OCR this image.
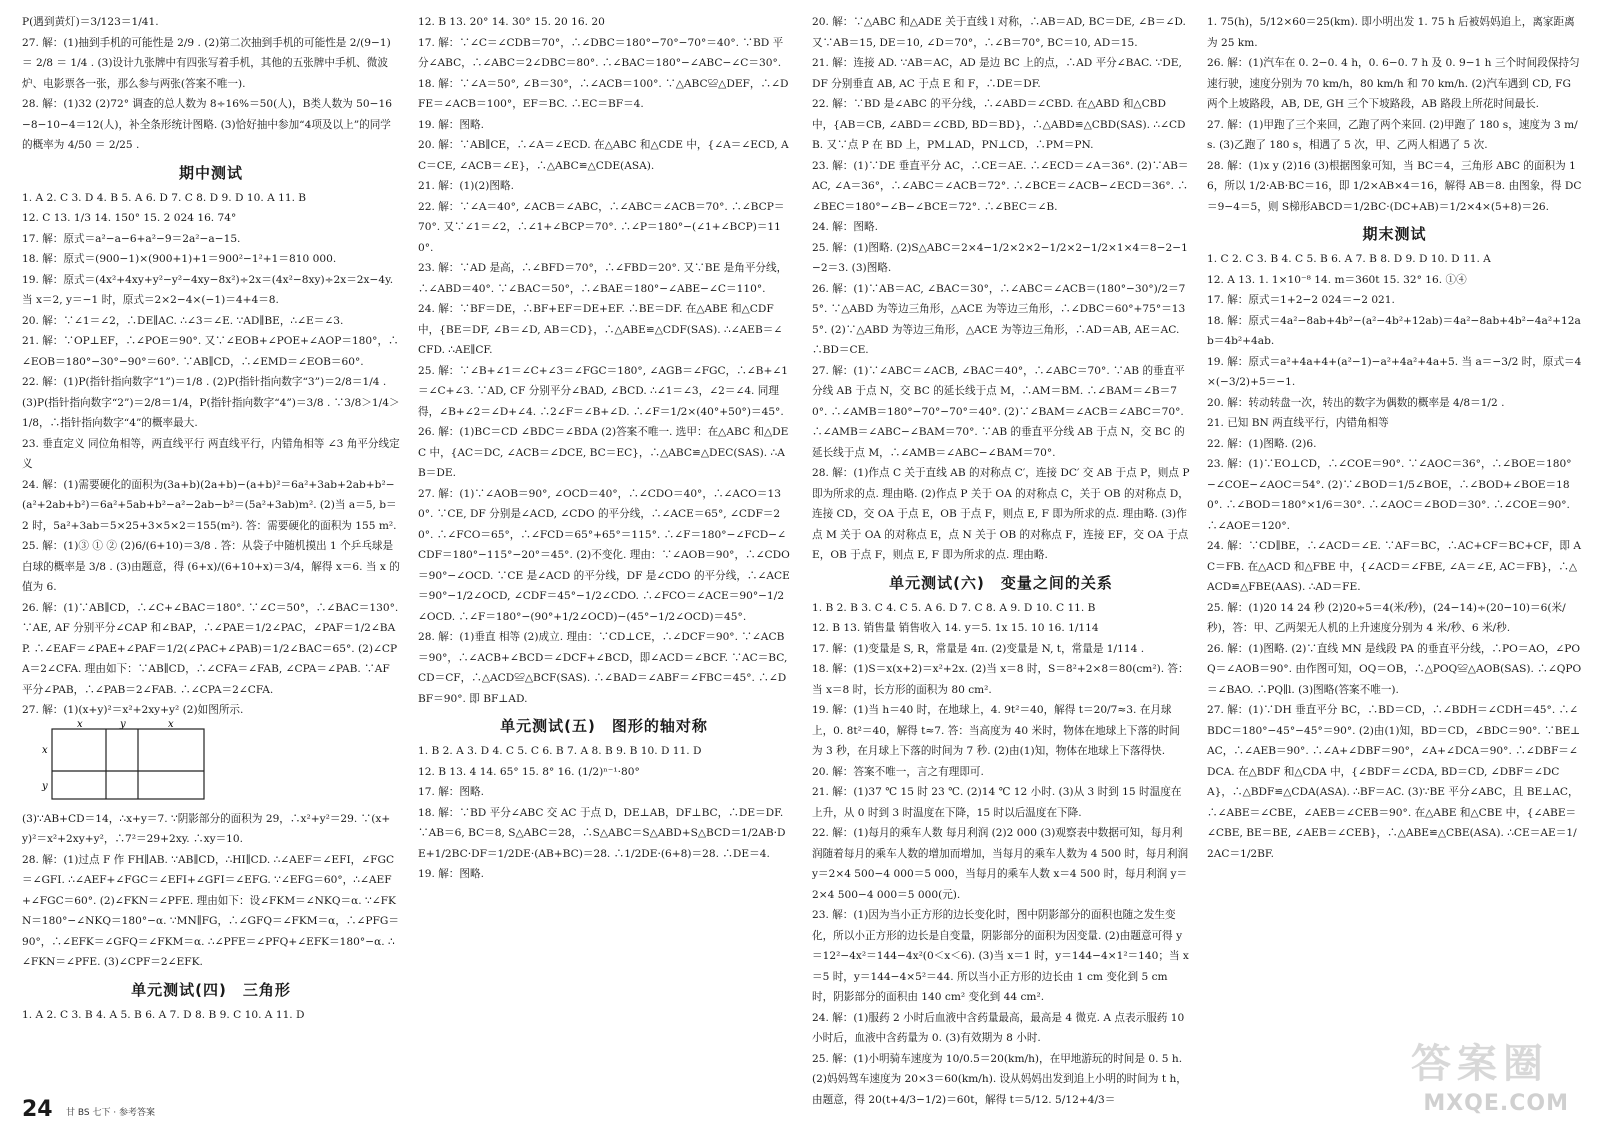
P(遇到黄灯)＝3/123＝1/41.

27. 解：(1)抽到手机的可能性是 2/9 . (2)第二次抽到手机的可能性是 2/(9−1) ＝ 2/8 ＝ 1/4 . (3)设计九张牌中有四张写着手机，其他的五张牌中手机、微波炉、电影票各一张，那么参与两张(答案不唯一).

28. 解：(1)32 (2)72° 调查的总人数为 8÷16%＝50(人)，B类人数为 50−16−8−10−4＝12(人)，补全条形统计图略. (3)恰好抽中参加“4项及以上”的同学的概率为 4/50 ＝ 2/25 .

期中测试

1. A 2. C 3. D 4. B 5. A 6. D 7. C 8. D 9. D 10. A 11. B

12. C 13. 1/3 14. 150° 15. 2 024 16. 74°

17. 解：原式＝a²−a−6+a²−9＝2a²−a−15.

18. 解：原式＝(900−1)×(900+1)+1＝900²−1²+1＝810 000.

19. 解：原式＝(4x²+4xy+y²−y²−4xy−8x²)÷2x＝(4x²−8xy)÷2x＝2x−4y. 当 x＝2, y＝−1 时，原式＝2×2−4×(−1)＝4+4＝8.

20. 解：∵∠1＝∠2，∴DE∥AC. ∴∠3＝∠E. ∵AD∥BE，∴∠E＝∠3.

21. 解：∵OP⊥EF，∴∠POE＝90°. 又∵∠EOB+∠POE+∠AOP＝180°，∴∠EOB＝180°−30°−90°＝60°. ∵AB∥CD，∴∠EMD＝∠EOB＝60°.

22. 解：(1)P(指针指向数字“1”)＝1/8 . (2)P(指针指向数字“3”)＝2/8＝1/4 . (3)P(指针指向数字“2”)＝2/8＝1/4，P(指针指向数字“4”)＝3/8 . ∵3/8＞1/4＞1/8，∴指针指向数字“4”的概率最大.

23. 垂直定义 同位角相等，两直线平行 两直线平行，内错角相等 ∠3 角平分线定义

24. 解：(1)需要硬化的面积为(3a+b)(2a+b)−(a+b)²＝6a²+3ab+2ab+b²−(a²+2ab+b²)＝6a²+5ab+b²−a²−2ab−b²＝(5a²+3ab)m². (2)当 a＝5, b＝2 时，5a²+3ab＝5×25+3×5×2＝155(m²). 答：需要硬化的面积为 155 m².

25. 解：(1)③ ① ② (2)6/(6+10)＝3/8 . 答：从袋子中随机摸出 1 个乒乓球是白球的概率是 3/8 . (3)由题意，得 (6+x)/(6+10+x)＝3/4，解得 x＝6. 当 x 的值为 6.

26. 解：(1)∵AB∥CD，∴∠C+∠BAC＝180°. ∵∠C＝50°，∴∠BAC＝130°. ∵AE, AF 分别平分∠CAP 和∠BAP，∴∠PAE＝1/2∠PAC，∠PAF＝1/2∠BAP. ∴∠EAF＝∠PAE+∠PAF＝1/2(∠PAC+∠PAB)＝1/2∠BAC＝65°. (2)∠CPA＝2∠CFA. 理由如下：∵AB∥CD，∴∠CFA＝∠FAB, ∠CPA＝∠PAB. ∵AF 平分∠PAB，∴∠PAB＝2∠FAB. ∴∠CPA＝2∠CFA.

27. 解：(1)(x+y)²＝x²+2xy+y² (2)如图所示.

x	y	x
x
y

(3)∵AB+CD＝14，∴x+y＝7. ∵阴影部分的面积为 29，∴x²+y²＝29. ∵(x+y)²＝x²+2xy+y²，∴7²＝29+2xy. ∴xy＝10.

28. 解：(1)过点 F 作 FH∥AB. ∵AB∥CD，∴HI∥CD. ∴∠AEF＝∠EFI，∠FGC＝∠GFI. ∴∠AEF+∠FGC＝∠EFI+∠GFI＝∠EFG. ∵∠EFG＝60°，∴∠AEF+∠FGC＝60°. (2)∠FKN＝∠PFE. 理由如下：设∠FKM＝∠NKQ＝α. ∵∠FKN＝180°−∠NKQ＝180°−α. ∵MN∥FG，∴∠GFQ＝∠FKM＝α，∴∠PFG＝90°，∴∠EFK＝∠GFQ＝∠FKM＝α. ∴∠PFE＝∠PFQ+∠EFK＝180°−α. ∴∠FKN＝∠PFE. (3)∠CPF＝2∠EFK.

单元测试(四)　三角形

1. A 2. C 3. B 4. A 5. B 6. A 7. D 8. B 9. C 10. A 11. D

12. B 13. 20° 14. 30° 15. 20 16. 20

17. 解：∵∠C＝∠CDB＝70°，∴∠DBC＝180°−70°−70°＝40°. ∵BD 平分∠ABC，∴∠ABC＝2∠DBC＝80°. ∴∠BAC＝180°−∠ABC−∠C＝30°.

18. 解：∵∠A＝50°, ∠B＝30°，∴∠ACB＝100°. ∵△ABC≌△DEF，∴∠DFE＝∠ACB＝100°，EF＝BC. ∴EC＝BF＝4.

19. 解：图略.

20. 解：∵AB∥CE，∴∠A＝∠ECD. 在△ABC 和△CDE 中，{∠A＝∠ECD, AC＝CE, ∠ACB＝∠E}，∴△ABC≌△CDE(ASA).

21. 解：(1)(2)图略.

22. 解：∵∠A＝40°, ∠ACB＝∠ABC，∴∠ABC＝∠ACB＝70°. ∴∠BCP＝70°. 又∵∠1＝∠2，∴∠1+∠BCP＝70°. ∴∠P＝180°−(∠1+∠BCP)＝110°.

23. 解：∵AD 是高，∴∠BFD＝70°，∴∠FBD＝20°. 又∵BE 是角平分线，∴∠ABD＝40°. ∵∠BAC＝50°，∴∠BAE＝180°−∠ABE−∠C＝110°.

24. 解：∵BF＝DE，∴BF+EF＝DE+EF. ∴BE＝DF. 在△ABE 和△CDF 中，{BE＝DF, ∠B＝∠D, AB＝CD}，∴△ABE≌△CDF(SAS). ∴∠AEB＝∠CFD. ∴AE∥CF.

25. 解：∵∠B+∠1＝∠C+∠3＝∠FGC＝180°, ∠AGB＝∠FGC，∴∠B+∠1＝∠C+∠3. ∵AD, CF 分别平分∠BAD, ∠BCD. ∴∠1＝∠3，∠2＝∠4. 同理得，∠B+∠2＝∠D+∠4. ∴2∠F＝∠B+∠D. ∴∠F＝1/2×(40°+50°)＝45°.

26. 解：(1)BC＝CD ∠BDC＝∠BDA (2)答案不唯一. 选甲：在△ABC 和△DEC 中，{AC＝DC, ∠ACB＝∠DCE, BC＝EC}，∴△ABC≌△DEC(SAS). ∴AB＝DE.

27. 解：(1)∵∠AOB＝90°, ∠OCD＝40°，∴∠CDO＝40°，∴∠ACO＝130°. ∵CE, DF 分别是∠ACD, ∠CDO 的平分线，∴∠ACE＝65°, ∠CDF＝20°. ∴∠FCO＝65°，∴∠FCD＝65°+65°＝115°. ∴∠F＝180°−∠FCD−∠CDF＝180°−115°−20°＝45°. (2)不变化. 理由：∵∠AOB＝90°，∴∠CDO＝90°−∠OCD. ∵CE 是∠ACD 的平分线，DF 是∠CDO 的平分线，∴∠ACE＝90°−1/2∠OCD, ∠CDF＝45°−1/2∠CDO. ∴∠FCO＝∠ACE＝90°−1/2∠OCD. ∴∠F＝180°−(90°+1/2∠OCD)−(45°−1/2∠OCD)＝45°.

28. 解：(1)垂直 相等 (2)成立. 理由：∵CD⊥CE，∴∠DCF＝90°. ∵∠ACB＝90°，∴∠ACB+∠BCD＝∠DCF+∠BCD，即∠ACD＝∠BCF. ∵AC＝BC, CD＝CF，∴△ACD≌△BCF(SAS). ∴∠BAD＝∠ABF＝∠FBC＝45°. ∴∠DBF＝90°. 即 BF⊥AD.

单元测试(五)　图形的轴对称

1. B 2. A 3. D 4. C 5. C 6. B 7. A 8. B 9. B 10. D 11. D

12. B 13. 4 14. 65° 15. 8° 16. (1/2)ⁿ⁻¹·80°

17. 解：图略.

18. 解：∵BD 平分∠ABC 交 AC 于点 D，DE⊥AB，DF⊥BC，∴DE＝DF. ∵AB＝6, BC＝8, S△ABC＝28，∴S△ABC＝S△ABD+S△BCD＝1/2AB·DE+1/2BC·DF＝1/2DE·(AB+BC)＝28. ∴1/2DE·(6+8)＝28. ∴DE＝4.

19. 解：图略.

20. 解：∵△ABC 和△ADE 关于直线 l 对称，∴AB＝AD, BC＝DE, ∠B＝∠D. 又∵AB＝15, DE＝10, ∠D＝70°，∴∠B＝70°, BC＝10, AD＝15.

21. 解：连接 AD. ∵AB＝AC，AD 是边 BC 上的点，∴AD 平分∠BAC. ∵DE, DF 分别垂直 AB, AC 于点 E 和 F，∴DE＝DF.

22. 解：∵BD 是∠ABC 的平分线，∴∠ABD＝∠CBD. 在△ABD 和△CBD 中，{AB＝CB, ∠ABD＝∠CBD, BD＝BD}，∴△ABD≌△CBD(SAS). ∴∠CDB. 又∵点 P 在 BD 上，PM⊥AD，PN⊥CD，∴PM＝PN.

23. 解：(1)∵DE 垂直平分 AC，∴CE＝AE. ∴∠ECD＝∠A＝36°. (2)∵AB＝AC, ∠A＝36°，∴∠ABC＝∠ACB＝72°. ∴∠BCE＝∠ACB−∠ECD＝36°. ∴∠BEC＝180°−∠B−∠BCE＝72°. ∴∠BEC＝∠B.

24. 解：图略.

25. 解：(1)图略. (2)S△ABC＝2×4−1/2×2×2−1/2×2−1/2×1×4＝8−2−1−2＝3. (3)图略.

26. 解：(1)∵AB＝AC, ∠BAC＝30°，∴∠ABC＝∠ACB＝(180°−30°)/2＝75°. ∵△ABD 为等边三角形，△ACE 为等边三角形，∴∠DBC＝60°+75°＝135°. (2)∵△ABD 为等边三角形，△ACE 为等边三角形，∴AD＝AB, AE＝AC. ∴BD＝CE.

27. 解：(1)∵∠ABC＝∠ACB, ∠BAC＝40°，∴∠ABC＝70°. ∵AB 的垂直平分线 AB 于点 N，交 BC 的延长线于点 M，∴AM＝BM. ∴∠BAM＝∠B＝70°. ∴∠AMB＝180°−70°−70°＝40°. (2)∵∠BAM＝∠ACB＝∠ABC＝70°. ∴∠AMB＝∠ABC−∠BAM＝70°. ∵AB 的垂直平分线 AB 于点 N，交 BC 的延长线于点 M，∴∠AMB＝∠ABC−∠BAM＝70°.

28. 解：(1)作点 C 关于直线 AB 的对称点 C′，连接 DC′ 交 AB 于点 P，则点 P 即为所求的点. 理由略. (2)作点 P 关于 OA 的对称点 C，关于 OB 的对称点 D，连接 CD，交 OA 于点 E，OB 于点 F，则点 E, F 即为所求的点. 理由略. (3)作点 M 关于 OA 的对称点 E，点 N 关于 OB 的对称点 F，连接 EF，交 OA 于点 E，OB 于点 F，则点 E, F 即为所求的点. 理由略.

单元测试(六)　变量之间的关系

1. B 2. B 3. C 4. C 5. A 6. D 7. C 8. A 9. D 10. C 11. B

12. B 13. 销售量 销售收入 14. y＝5. 1x 15. 10 16. 1/114

17. 解：(1)变量是 S, R，常量是 4π. (2)变量是 N, t，常量是 1/114 .

18. 解：(1)S＝x(x+2)＝x²+2x. (2)当 x＝8 时，S＝8²+2×8＝80(cm²). 答：当 x＝8 时，长方形的面积为 80 cm².

19. 解：(1)当 h＝40 时，在地球上，4. 9t²＝40，解得 t＝20/7≈3. 在月球上，0. 8t²＝40，解得 t≈7. 答：当高度为 40 米时，物体在地球上下落的时间为 3 秒，在月球上下落的时间为 7 秒. (2)由(1)知，物体在地球上下落得快.

20. 解：答案不唯一，言之有理即可.

21. 解：(1)37 ℃ 15 时 23 ℃. (2)14 ℃ 12 小时. (3)从 3 时到 15 时温度在上升，从 0 时到 3 时温度在下降，15 时以后温度在下降.

22. 解：(1)每月的乘车人数 每月利润 (2)2 000 (3)观察表中数据可知，每月利润随着每月的乘车人数的增加而增加，当每月的乘车人数为 4 500 时，每月利润 y＝2×4 500−4 000＝5 000，当每月的乘车人数 x＝4 500 时，每月利润 y＝2×4 500−4 000＝5 000(元).

23. 解：(1)因为当小正方形的边长变化时，图中阴影部分的面积也随之发生变化，所以小正方形的边长是自变量，阴影部分的面积为因变量. (2)由题意可得 y＝12²−4x²＝144−4x²(0＜x＜6). (3)当 x＝1 时，y＝144−4×1²＝140；当 x＝5 时，y＝144−4×5²＝44. 所以当小正方形的边长由 1 cm 变化到 5 cm 时，阴影部分的面积由 140 cm² 变化到 44 cm².

24. 解：(1)服药 2 小时后血液中含药量最高，最高是 4 微克. A 点表示服药 10 小时后，血液中含药量为 0. (3)有效期为 8 小时.

25. 解：(1)小明骑车速度为 10/0.5＝20(km/h)，在甲地游玩的时间是 0. 5 h. (2)妈妈驾车速度为 20×3＝60(km/h). 设从妈妈出发到追上小明的时间为 t h，由题意，得 20(t+4/3−1/2)＝60t，解得 t＝5/12. 5/12+4/3＝

1. 75(h)，5/12×60＝25(km). 即小明出发 1. 75 h 后被妈妈追上，离家距离为 25 km.

26. 解：(1)汽车在 0. 2−0. 4 h，0. 6−0. 7 h 及 0. 9−1 h 三个时间段保持匀速行驶，速度分别为 70 km/h，80 km/h 和 70 km/h. (2)汽车遇到 CD, FG 两个上坡路段，AB, DE, GH 三个下坡路段，AB 路段上所花时间最长.

27. 解：(1)甲跑了三个来回，乙跑了两个来回. (2)甲跑了 180 s，速度为 3 m/s. (3)乙跑了 180 s，相遇了 5 次，甲、乙两人相遇了 5 次.

28. 解：(1)x y (2)16 (3)根据图象可知，当 BC＝4，三角形 ABC 的面积为 16，所以 1/2·AB·BC＝16，即 1/2×AB×4＝16，解得 AB＝8. 由图象，得 DC＝9−4＝5，则 S梯形ABCD＝1/2BC·(DC+AB)＝1/2×4×(5+8)＝26.

期末测试

1. C 2. C 3. B 4. C 5. B 6. A 7. B 8. D 9. D 10. D 11. A

12. A 13. 1. 1×10⁻⁸ 14. m＝360t 15. 32° 16. ①④

17. 解：原式＝1+2−2 024＝−2 021.

18. 解：原式＝4a²−8ab+4b²−(a²−4b²+12ab)＝4a²−8ab+4b²−4a²+12ab＝4b²+4ab.

19. 解：原式＝a²+4a+4+(a²−1)−a²+4a²+4a+5. 当 a＝−3/2 时，原式＝4×(−3/2)+5＝−1.

20. 解：转动转盘一次，转出的数字为偶数的概率是 4/8＝1/2 .

21. 已知 BN 两直线平行，内错角相等

22. 解：(1)图略. (2)6.

23. 解：(1)∵EO⊥CD，∴∠COE＝90°. ∵∠AOC＝36°，∴∠BOE＝180°−∠COE−∠AOC＝54°. (2)∵∠BOD＝1/5∠BOE，∴∠BOD+∠BOE＝180°. ∴∠BOD＝180°×1/6＝30°. ∴∠AOC＝∠BOD＝30°. ∴∠COE＝90°. ∴∠AOE＝120°.

24. 解：∵CD∥BE，∴∠ACD＝∠E. ∵AF＝BC，∴AC+CF＝BC+CF，即 AC＝FB. 在△ACD 和△FBE 中，{∠ACD＝∠FBE, ∠A＝∠E, AC＝FB}，∴△ACD≌△FBE(AAS). ∴AD＝FE.

25. 解：(1)20 14 24 秒 (2)20÷5＝4(米/秒)，(24−14)÷(20−10)＝6(米/秒)，答：甲、乙两架无人机的上升速度分别为 4 米/秒、6 米/秒.

26. 解：(1)图略. (2)∵直线 MN 是线段 PA 的垂直平分线，∴PO＝AO，∠POQ＝∠AOB＝90°. 由作图可知，OQ＝OB，∴△POQ≌△AOB(SAS). ∴∠QPO＝∠BAO. ∴PQ∥l. (3)图略(答案不唯一).

27. 解：(1)∵DH 垂直平分 BC，∴BD＝CD，∴∠BDH＝∠CDH＝45°. ∴∠BDC＝180°−45°−45°＝90°. (2)由(1)知，BD＝CD，∠BDC＝90°. ∵BE⊥AC，∴∠AEB＝90°. ∴∠A+∠DBF＝90°，∠A+∠DCA＝90°. ∴∠DBF＝∠DCA. 在△BDF 和△CDA 中，{∠BDF＝∠CDA, BD＝CD, ∠DBF＝∠DCA}，∴△BDF≌△CDA(ASA). ∴BF＝AC. (3)∵BE 平分∠ABC，且 BE⊥AC，∴∠ABE＝∠CBE，∠AEB＝∠CEB＝90°. 在△ABE 和△CBE 中，{∠ABE＝∠CBE, BE＝BE, ∠AEB＝∠CEB}，∴△ABE≌△CBE(ASA). ∴CE＝AE＝1/2AC＝1/2BF.

24 甘 BS 七下 · 参考答案
答案圈
MXQE.COM
